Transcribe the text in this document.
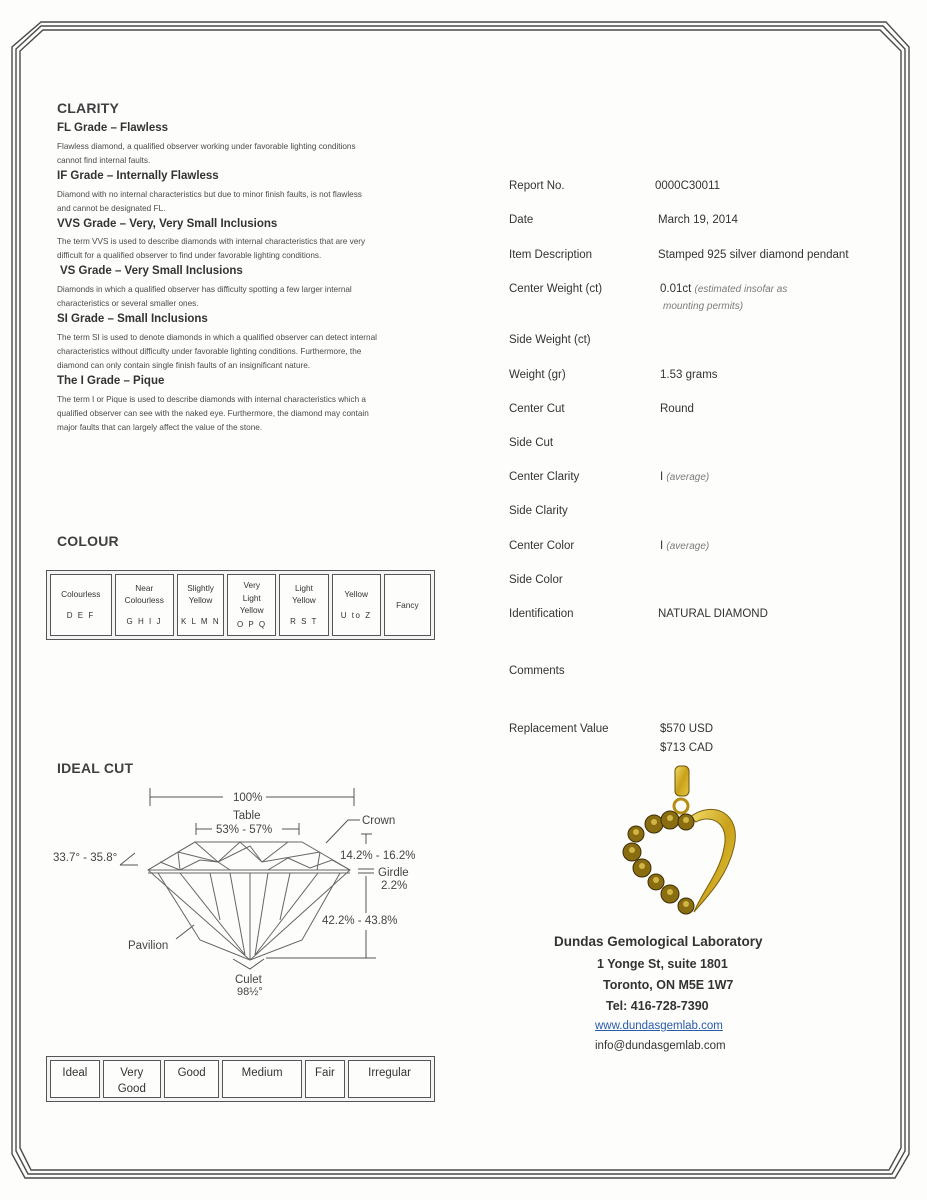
CLARITY
FL Grade – Flawless
Flawless diamond, a qualified observer working under favorable lighting conditions
cannot find internal faults.
IF Grade – Internally Flawless
Diamond with no internal characteristics but due to minor finish faults, is not flawless
and cannot be designated FL.
VVS Grade – Very, Very Small Inclusions
The term VVS is used to describe diamonds with internal characteristics that are very
difficult for a qualified observer to find under favorable lighting conditions.
VS Grade – Very Small Inclusions
Diamonds in which a qualified observer has difficulty spotting a few larger internal
characteristics or several smaller ones.
SI Grade – Small Inclusions
The term SI is used to denote diamonds in which a qualified observer can detect internal
characteristics without difficulty under favorable lighting conditions. Furthermore, the
diamond can only contain single finish faults of an insignificant nature.
The I Grade – Pique
The term I or Pique is used to describe diamonds with internal characteristics which a
qualified observer can see with the naked eye. Furthermore, the diamond may contain
major faults that can largely affect the value of the stone.
COLOUR
Colourless
D E F
	Near
Colourless
G H I J
	Slightly
Yellow
K L M N
	Very
Light
Yellow
O P Q
	Light
Yellow
R S T
	Yellow
U to Z
	Fancy
IDEAL CUT
100%
Table
53% - 57%
Crown
33.7° - 35.8°	14.2% - 16.2%
Girdle
2.2%
42.2% - 43.8%
Pavilion
Culet
98½°
Ideal	Very Good	Good	Medium	Fair	Irregular
Report No.	0000C30011
Date	March 19, 2014
Item Description	Stamped 925 silver diamond pendant
Center Weight (ct)	0.01ct (estimated insofar as
mounting permits)
Side Weight (ct)
Weight (gr)	1.53 grams
Center Cut	Round
Side Cut
Center Clarity	I (average)
Side Clarity
Center Color	I (average)
Side Color
Identification	NATURAL DIAMOND
Comments
Replacement Value	$570 USD
$713 CAD
Dundas Gemological Laboratory
1 Yonge St, suite 1801
Toronto, ON M5E 1W7
Tel: 416-728-7390
www.dundasgemlab.com
info@dundasgemlab.com
